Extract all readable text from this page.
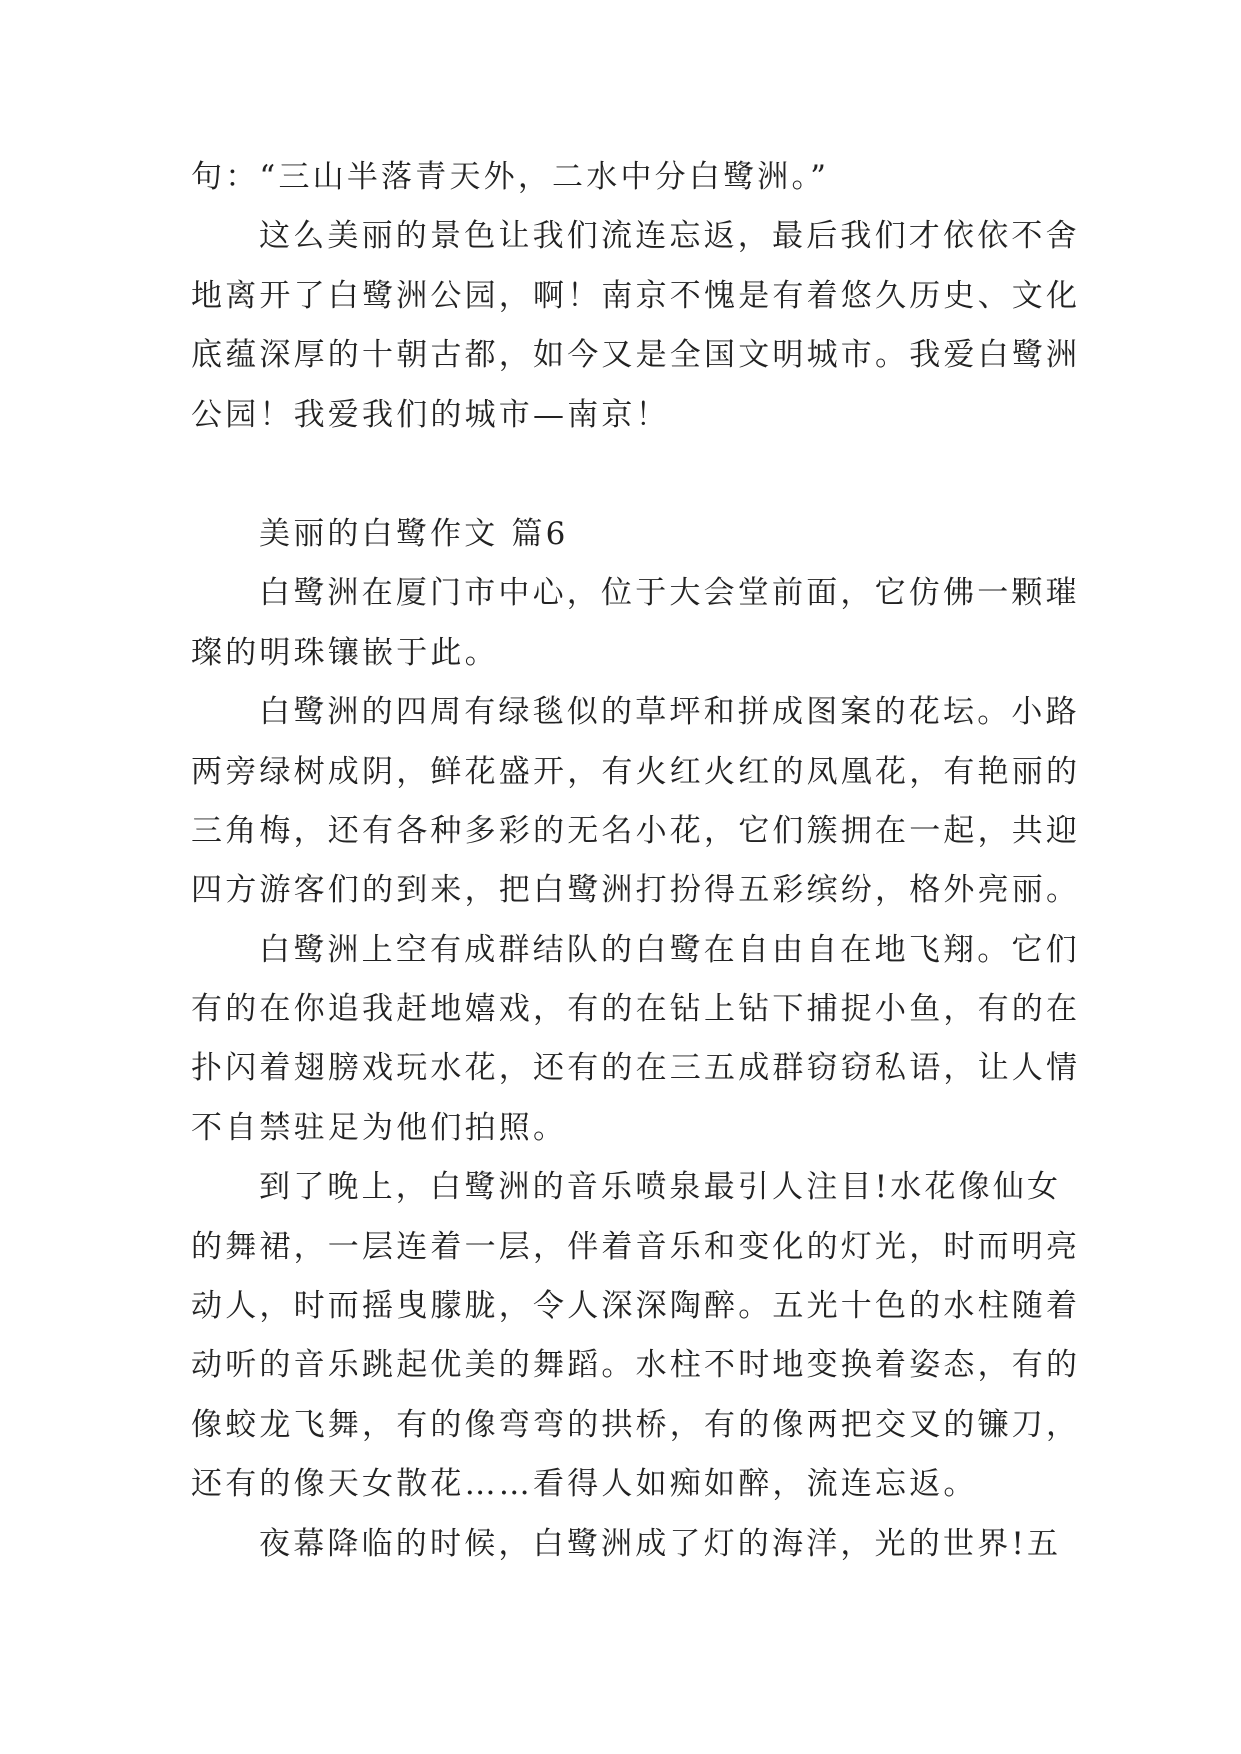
句：“三山半落青天外，二水中分白鹭洲。”
这么美丽的景色让我们流连忘返，最后我们才依依不舍
地离开了白鹭洲公园，啊！南京不愧是有着悠久历史、文化
底蕴深厚的十朝古都，如今又是全国文明城市。我爱白鹭洲
公园！我爱我们的城市—南京！
美丽的白鹭作文 篇6
白鹭洲在厦门市中心，位于大会堂前面，它仿佛一颗璀
璨的明珠镶嵌于此。
白鹭洲的四周有绿毯似的草坪和拼成图案的花坛。小路
两旁绿树成阴，鲜花盛开，有火红火红的凤凰花，有艳丽的
三角梅，还有各种多彩的无名小花，它们簇拥在一起，共迎
四方游客们的到来，把白鹭洲打扮得五彩缤纷，格外亮丽。
白鹭洲上空有成群结队的白鹭在自由自在地飞翔。它们
有的在你追我赶地嬉戏，有的在钻上钻下捕捉小鱼，有的在
扑闪着翅膀戏玩水花，还有的在三五成群窃窃私语，让人情
不自禁驻足为他们拍照。
到了晚上，白鹭洲的音乐喷泉最引人注目!水花像仙女
的舞裙，一层连着一层，伴着音乐和变化的灯光，时而明亮
动人，时而摇曳朦胧，令人深深陶醉。五光十色的水柱随着
动听的音乐跳起优美的舞蹈。水柱不时地变换着姿态，有的
像蛟龙飞舞，有的像弯弯的拱桥，有的像两把交叉的镰刀，
还有的像天女散花……看得人如痴如醉，流连忘返。
夜幕降临的时候，白鹭洲成了灯的海洋，光的世界!五
